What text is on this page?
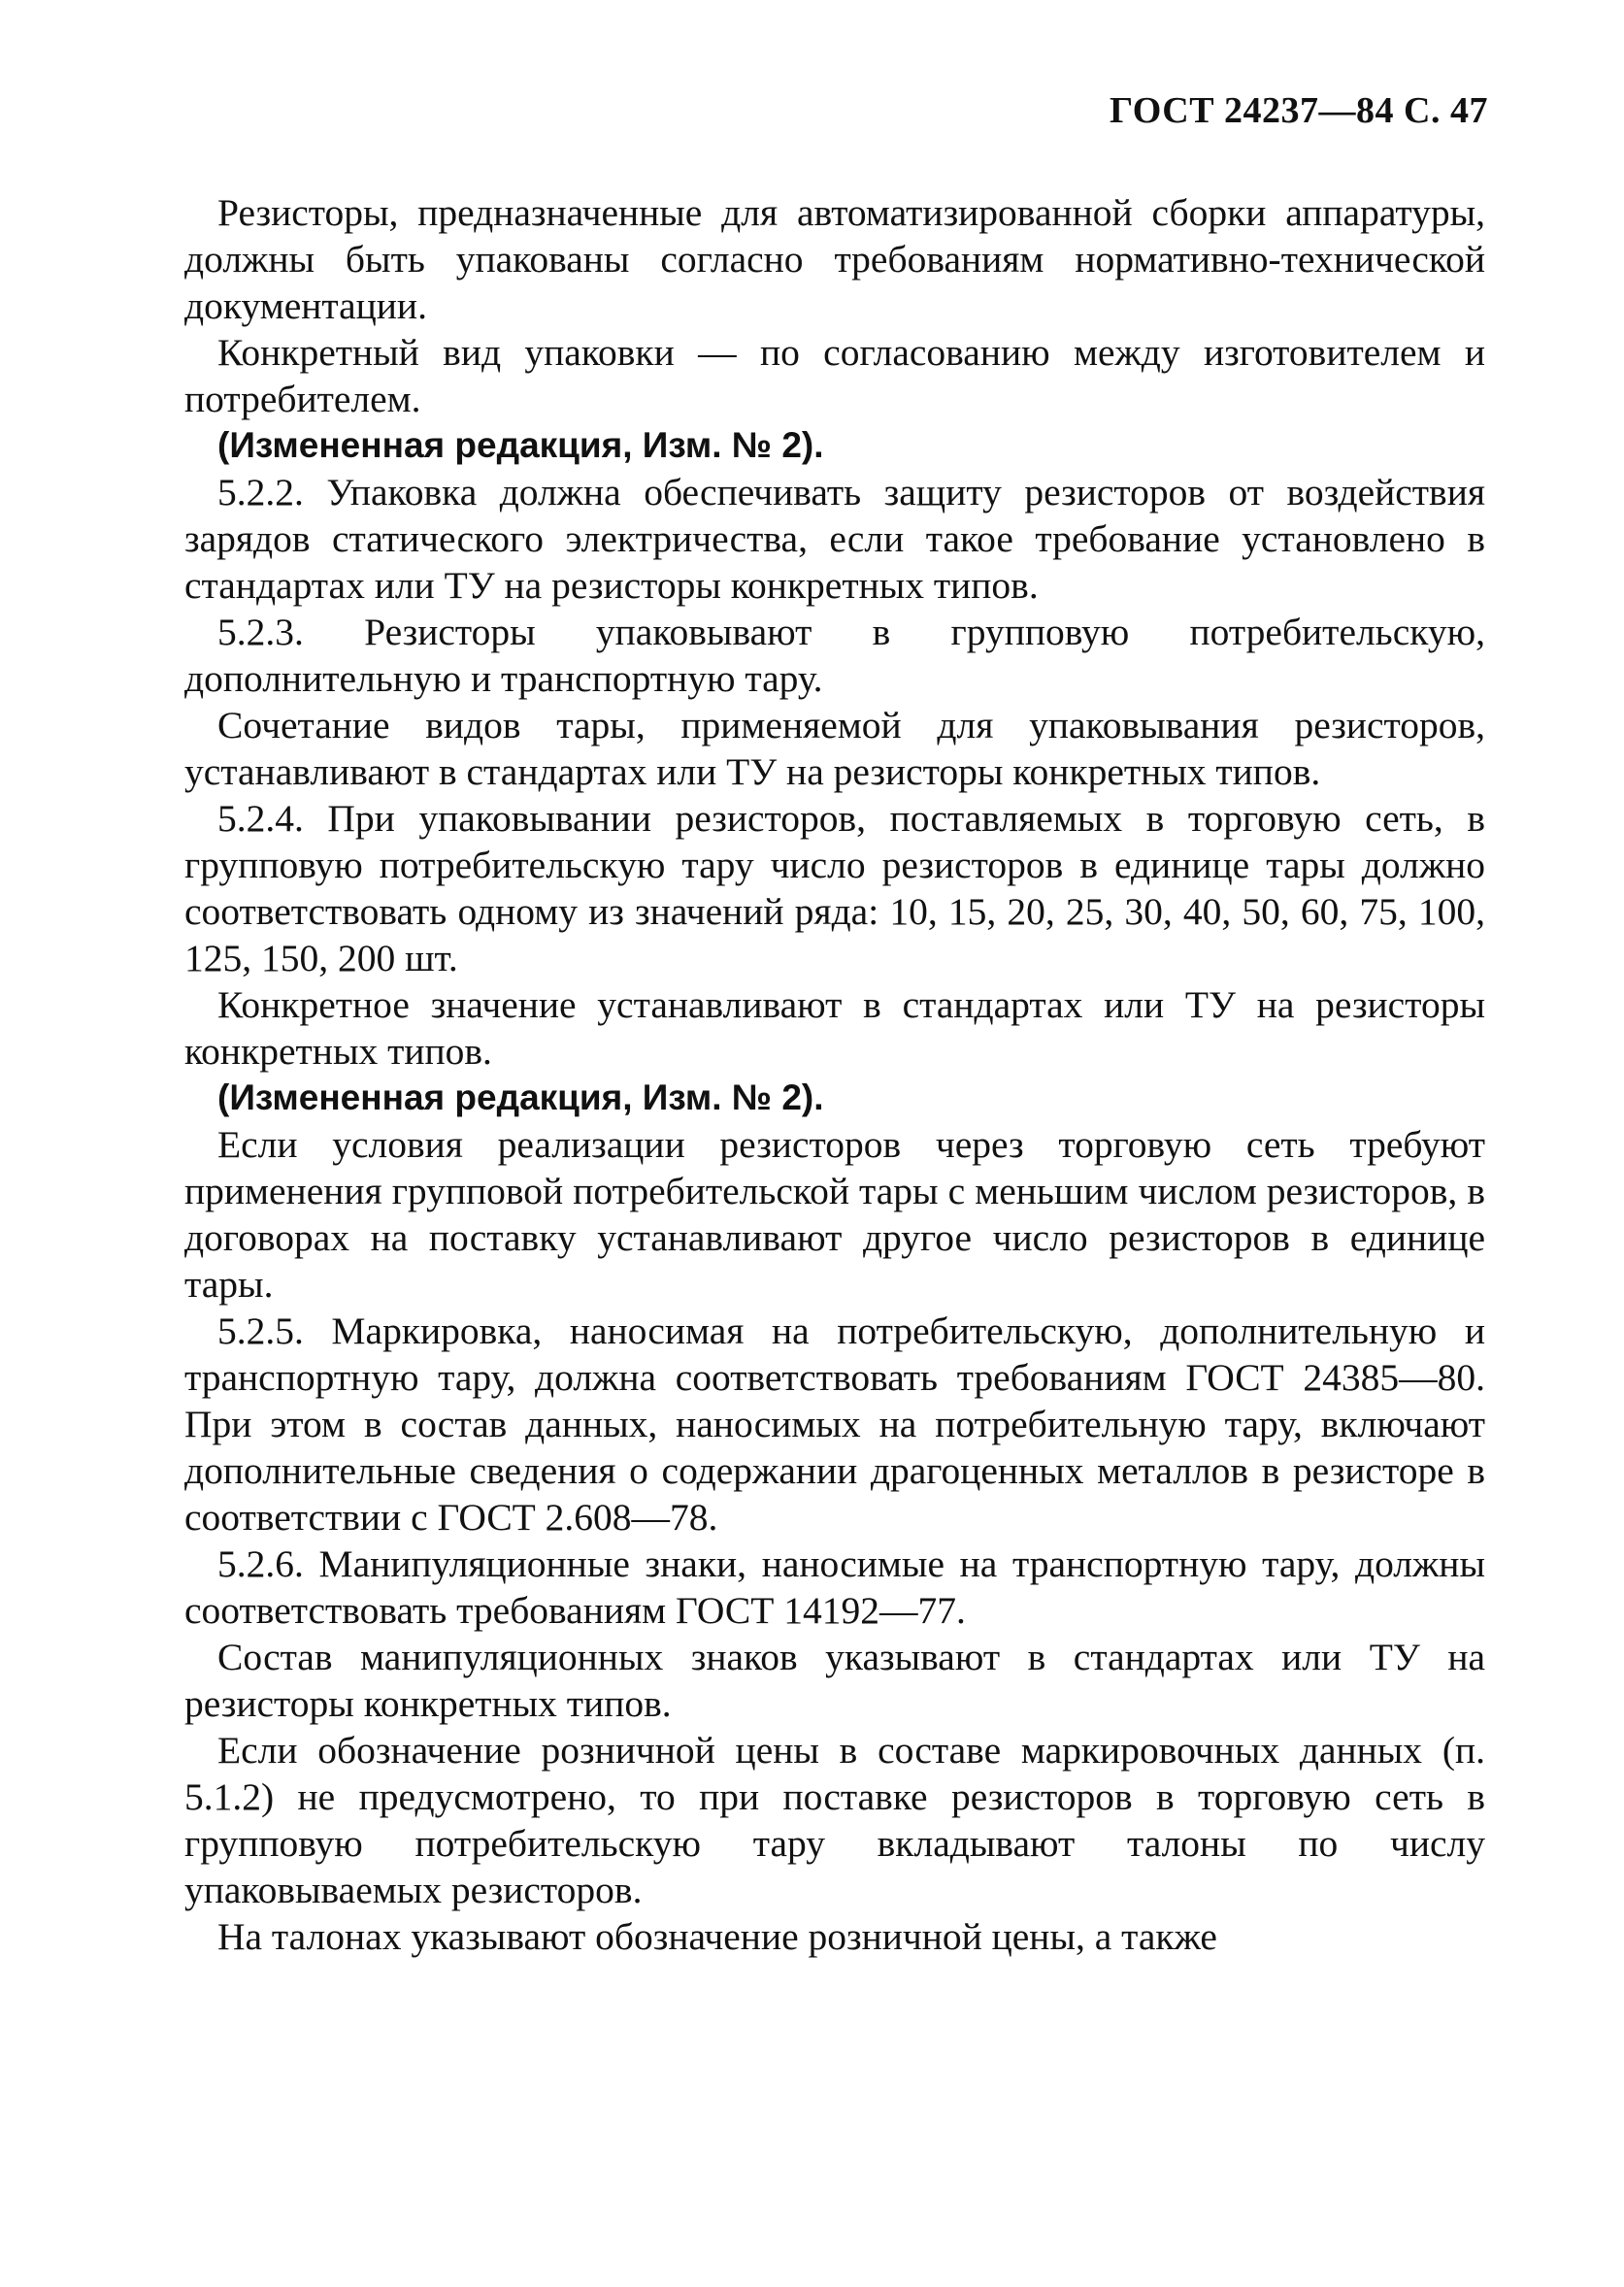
ГОСТ 24237—84 С. 47

Резисторы, предназначенные для автоматизированной сборки аппаратуры, должны быть упакованы согласно требованиям нормативно-технической документации.

Конкретный вид упаковки — по согласованию между изготовителем и потребителем.

(Измененная редакция, Изм. № 2).

5.2.2. Упаковка должна обеспечивать защиту резисторов от воздействия зарядов статического электричества, если такое требование установлено в стандартах или ТУ на резисторы конкретных типов.

5.2.3. Резисторы упаковывают в групповую потребительскую, дополнительную и транспортную тару.

Сочетание видов тары, применяемой для упаковывания резисторов, устанавливают в стандартах или ТУ на резисторы конкретных типов.

5.2.4. При упаковывании резисторов, поставляемых в торговую сеть, в групповую потребительскую тару число резисторов в единице тары должно соответствовать одному из значений ряда: 10, 15, 20, 25, 30, 40, 50, 60, 75, 100, 125, 150, 200 шт.

Конкретное значение устанавливают в стандартах или ТУ на резисторы конкретных типов.

(Измененная редакция, Изм. № 2).

Если условия реализации резисторов через торговую сеть требуют применения групповой потребительской тары с меньшим числом резисторов, в договорах на поставку устанавливают другое число резисторов в единице тары.

5.2.5. Маркировка, наносимая на потребительскую, дополнительную и транспортную тару, должна соответствовать требованиям ГОСТ 24385—80. При этом в состав данных, наносимых на потребительную тару, включают дополнительные сведения о содержании драгоценных металлов в резисторе в соответствии с ГОСТ 2.608—78.

5.2.6. Манипуляционные знаки, наносимые на транспортную тару, должны соответствовать требованиям ГОСТ 14192—77.

Состав манипуляционных знаков указывают в стандартах или ТУ на резисторы конкретных типов.

Если обозначение розничной цены в составе маркировочных данных (п. 5.1.2) не предусмотрено, то при поставке резисторов в торговую сеть в групповую потребительскую тару вкладывают талоны по числу упаковываемых резисторов.

На талонах указывают обозначение розничной цены, а также
